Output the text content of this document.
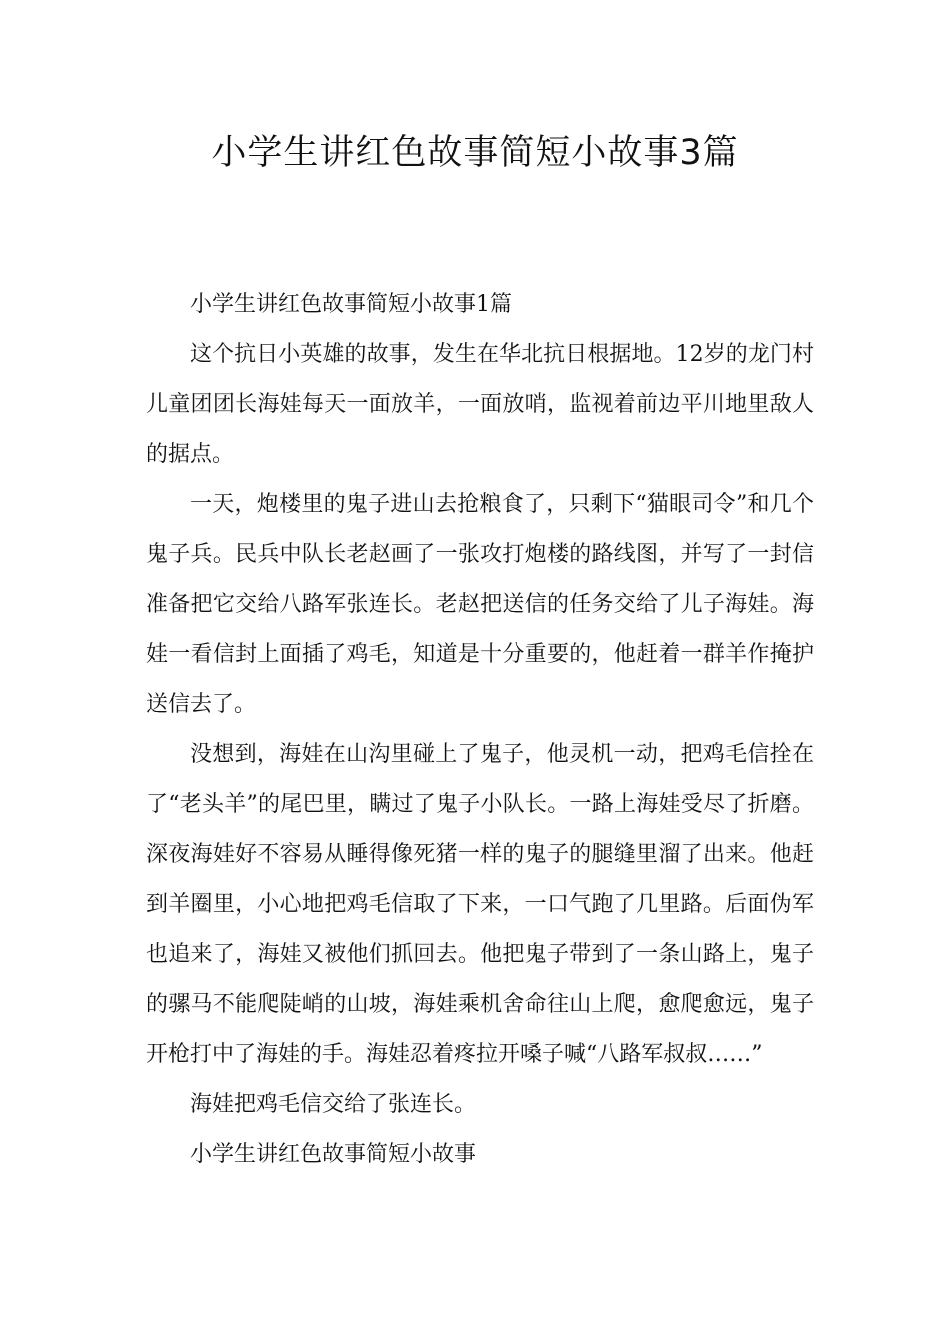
小学生讲红色故事简短小故事3篇

小学生讲红色故事简短小故事1篇

这个抗日小英雄的故事，发生在华北抗日根据地。12岁的龙门村儿童团团长海娃每天一面放羊，一面放哨，监视着前边平川地里敌人的据点。

一天，炮楼里的鬼子进山去抢粮食了，只剩下“猫眼司令”和几个鬼子兵。民兵中队长老赵画了一张攻打炮楼的路线图，并写了一封信准备把它交给八路军张连长。老赵把送信的任务交给了儿子海娃。海娃一看信封上面插了鸡毛，知道是十分重要的，他赶着一群羊作掩护送信去了。

没想到，海娃在山沟里碰上了鬼子，他灵机一动，把鸡毛信拴在了“老头羊”的尾巴里，瞒过了鬼子小队长。一路上海娃受尽了折磨。深夜海娃好不容易从睡得像死猪一样的鬼子的腿缝里溜了出来。他赶到羊圈里，小心地把鸡毛信取了下来，一口气跑了几里路。后面伪军也追来了，海娃又被他们抓回去。他把鬼子带到了一条山路上，鬼子的骡马不能爬陡峭的山坡，海娃乘机舍命往山上爬，愈爬愈远，鬼子开枪打中了海娃的手。海娃忍着疼拉开嗓子喊“八路军叔叔……”

海娃把鸡毛信交给了张连长。

小学生讲红色故事简短小故事
